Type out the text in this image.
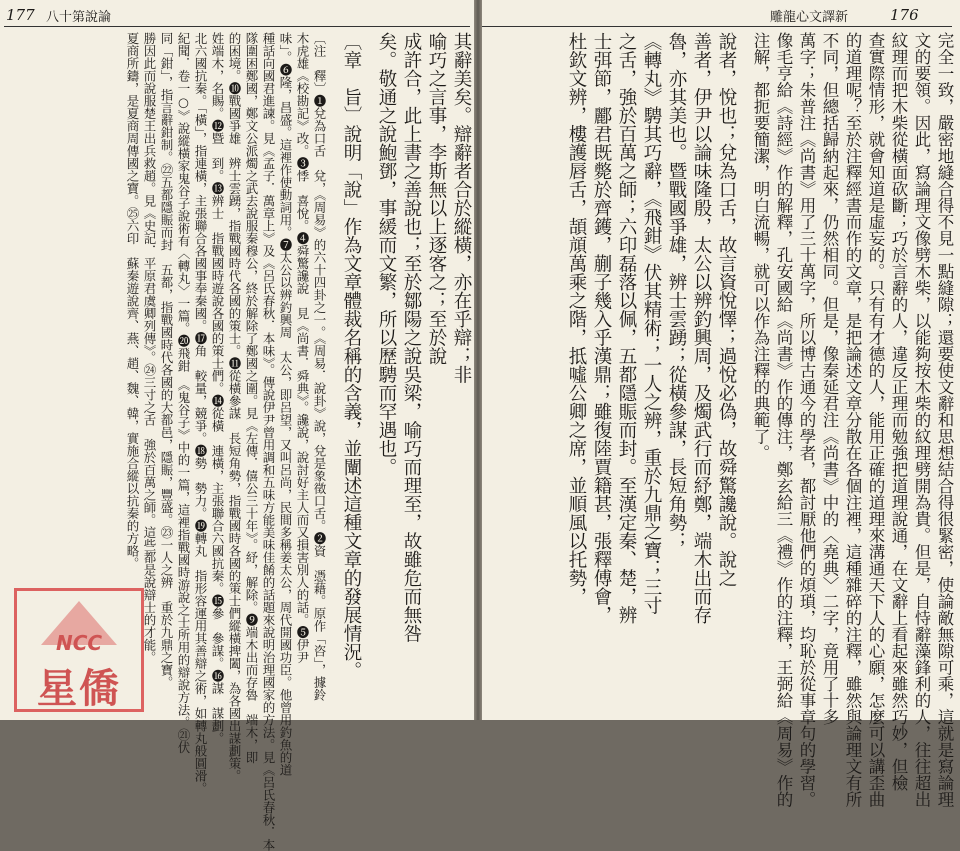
177 八十第說論
其辭美矣。辯辭者合於縱橫，亦在乎辯；非
喻巧之言事，李斯無以上逐客之；至於說
成許合，此上書之善說也；至於鄒陽之說吳梁，喻巧而理至，故雖危而無咎
矣。敬通之說鮑鄧，事緩而文繁，所以歷騁而罕遇也。
〔章　旨〕說明「說」作為文章體裁名稱的含義，並闡述這種文章的發展情況。
〔注　釋〕❶兌為口舌　兌，《周易》的六十四卦之一。《周易．說卦》說，兌是象徵口舌。❷資　憑藉。原作「咨」，據鈴
木虎雄《校勘記》改。❸悸　喜悅。❹舜驚讒說　見《尚書．舜典》。讒說，說討好主人而又損害別人的話。❺伊尹
味」。❻隆，昌盛。這裡作使動詞用。❼太公以辨釣興周　太公，即呂望，又叫呂尚，民間多稱姜太公，周代開國功臣。他曾用釣魚的道
種話向國君進諫。見《孟子．萬章上》及《呂氏春秋．本味》。傳說伊尹曾用調和五味方能美味佳餚的話題來說明治理國家的方法。見《呂氏春秋．本
隊圍困鄭國，鄭文公派燭之武去說服秦穆公，終於解除了鄭國之圍。見《左傳．僖公三十年》。紓，解除。❾端木出而存魯　端木，即
的困境。❿戰國爭雄　辨士雲踴，指戰國時代各國的策士。⓫從橫參謀　長短角勢，指戰國時各國的策士們縱橫捭闔，為各國出謀劃策。
姓端木，名賜。⓬暨　到。⓭辨士　指戰國時遊說各國的策士們。⓮從橫　連橫，主張聯合六國抗秦。⓯參　參謀。⓰謀　謀劃。
北六國抗秦。「橫」，指連橫，主張聯合各國事奉秦國。⓱角　較量，競爭。⓲勢　勢力。⓳轉丸　指形容運用其善辯之術，如轉丸般圓滑。
紀聞．卷一○》說縱橫家鬼谷子說術有〈轉丸〉一篇。⓴飛鉗　《鬼谷子》中的一篇，這裡指戰國時游說之士所用的辯說方法。㉑伏
同「鉗」，指言辭鉗制。㉒五都隱賑而封　五都，指戰國時代各國的大都邑，隱賑，豐盛。㉓一人之辨　重於九鼎之寶。
勝因此而說服楚王出兵救趙。見《史記．平原君虞卿列傳》。㉔三寸之舌　強於百萬之師。這些都是說辯士的才能。
夏商所鑄，是夏商周傳國之寶。㉕六印　蘇秦遊說齊、燕、趙、魏、韓，實施合縱以抗秦的方略。
NCC
星僑
雕龍心文譯新	176
完全一致，嚴密地縫合得不見一點縫隙；還要使文辭和思想結合得很緊密，使論敵無隙可乘，這就是寫論理
文的要領。因此，寫論理文像劈木柴，以能夠按木柴的紋理劈開為貴。但是，自恃辭藻鋒利的人，往往超出
紋理而把木柴從橫面砍斷；巧於言辭的人，違反正理而勉強把道理說通，在文辭上看起來雖然巧妙，但檢
查實際情形，就會知道是虛妄的。只有有才德的人，能用正確的道理來溝通天下人的心願，怎麼可以講歪曲
的道理呢？至於注釋經書而作的文章，是把論述文章分散在各個注裡，這種雜碎的注釋，雖然與論理文有所
不同，但總括歸納起來，仍然相同。但是，像秦延君注《尚書》中的〈堯典〉二字，竟用了十多
萬字；朱普注《尚書》用了三十萬字，所以博古通今的學者，都討厭他們的煩瑣，均恥於從事章句的學習。
像毛亨給《詩經》作的解釋，孔安國給《尚書》作的傳注，鄭玄給三《禮》作的注釋，王弼給《周易》作的
注解，都扼要簡潔，明白流暢，就可以作為注釋的典範了。
說者，悅也；兌為口舌，故言資悅懌；過悅必偽，故舜驚讒說。說之
善者，伊尹以論味隆殷，太公以辨釣興周，及燭武行而紓鄭，端木出而存
魯，亦其美也。暨戰國爭雄，辨士雲踴；從橫參謀，長短角勢；
《轉丸》騁其巧辭，《飛鉗》伏其精術；一人之辨，重於九鼎之寶；三寸
之舌，強於百萬之師；六印磊落以佩，五都隱賑而封。至漢定秦、楚，辨
士弭節，酈君既斃於齊鑊，蒯子幾入乎漢鼎；雖復陸賈籍甚，張釋傅會，
杜欽文辨，樓護唇舌，頡頏萬乘之階，抵噓公卿之席，並順風以托勢，
